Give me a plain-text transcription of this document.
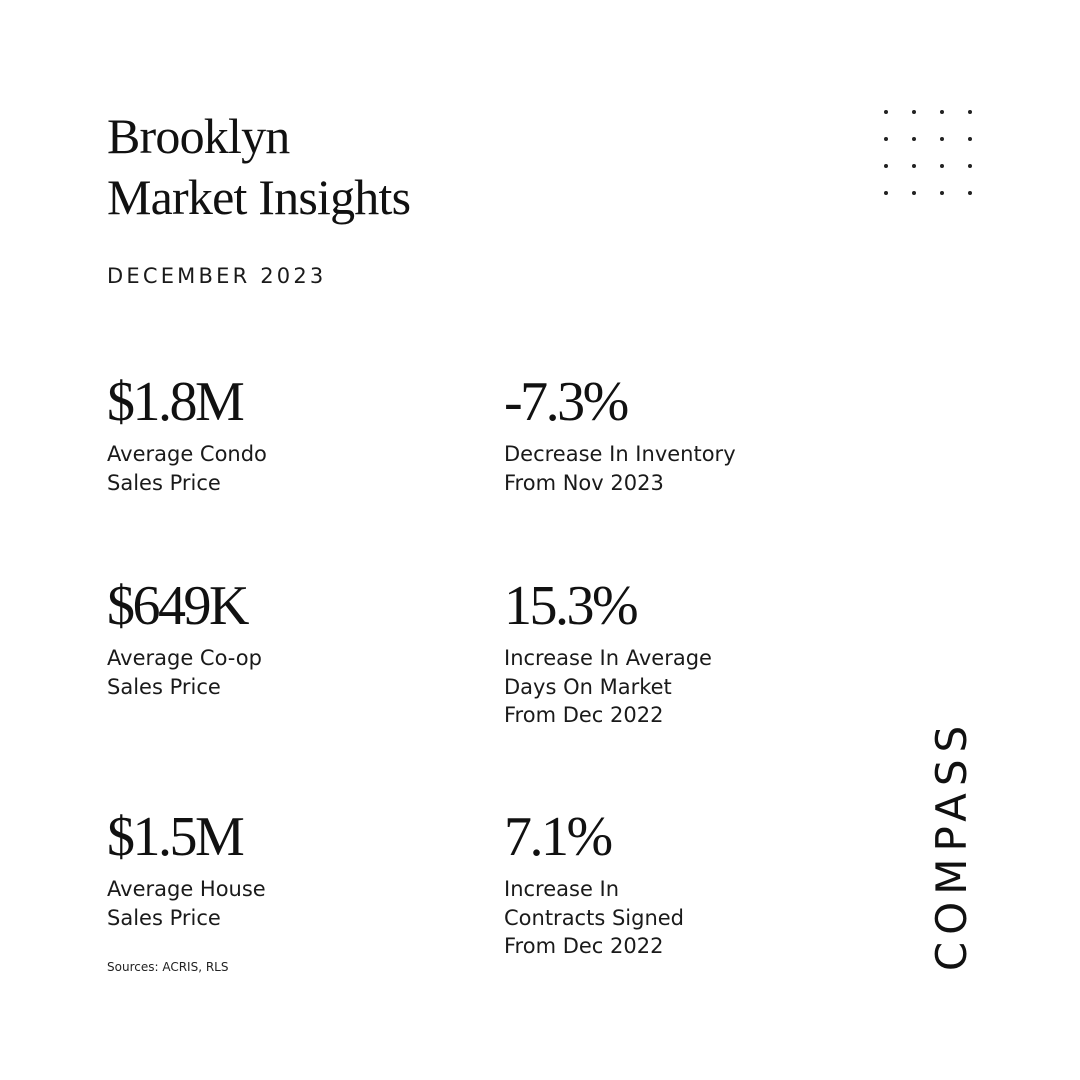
Brooklyn
Market Insights
DECEMBER 2023
$1.8M
Average Condo
Sales Price
-7.3%
Decrease In Inventory
From Nov 2023
$649K
Average Co-op
Sales Price
15.3%
Increase In Average
Days On Market
From Dec 2022
$1.5M
Average House
Sales Price
7.1%
Increase In
Contracts Signed
From Dec 2022
Sources: ACRIS, RLS	COMPASS
